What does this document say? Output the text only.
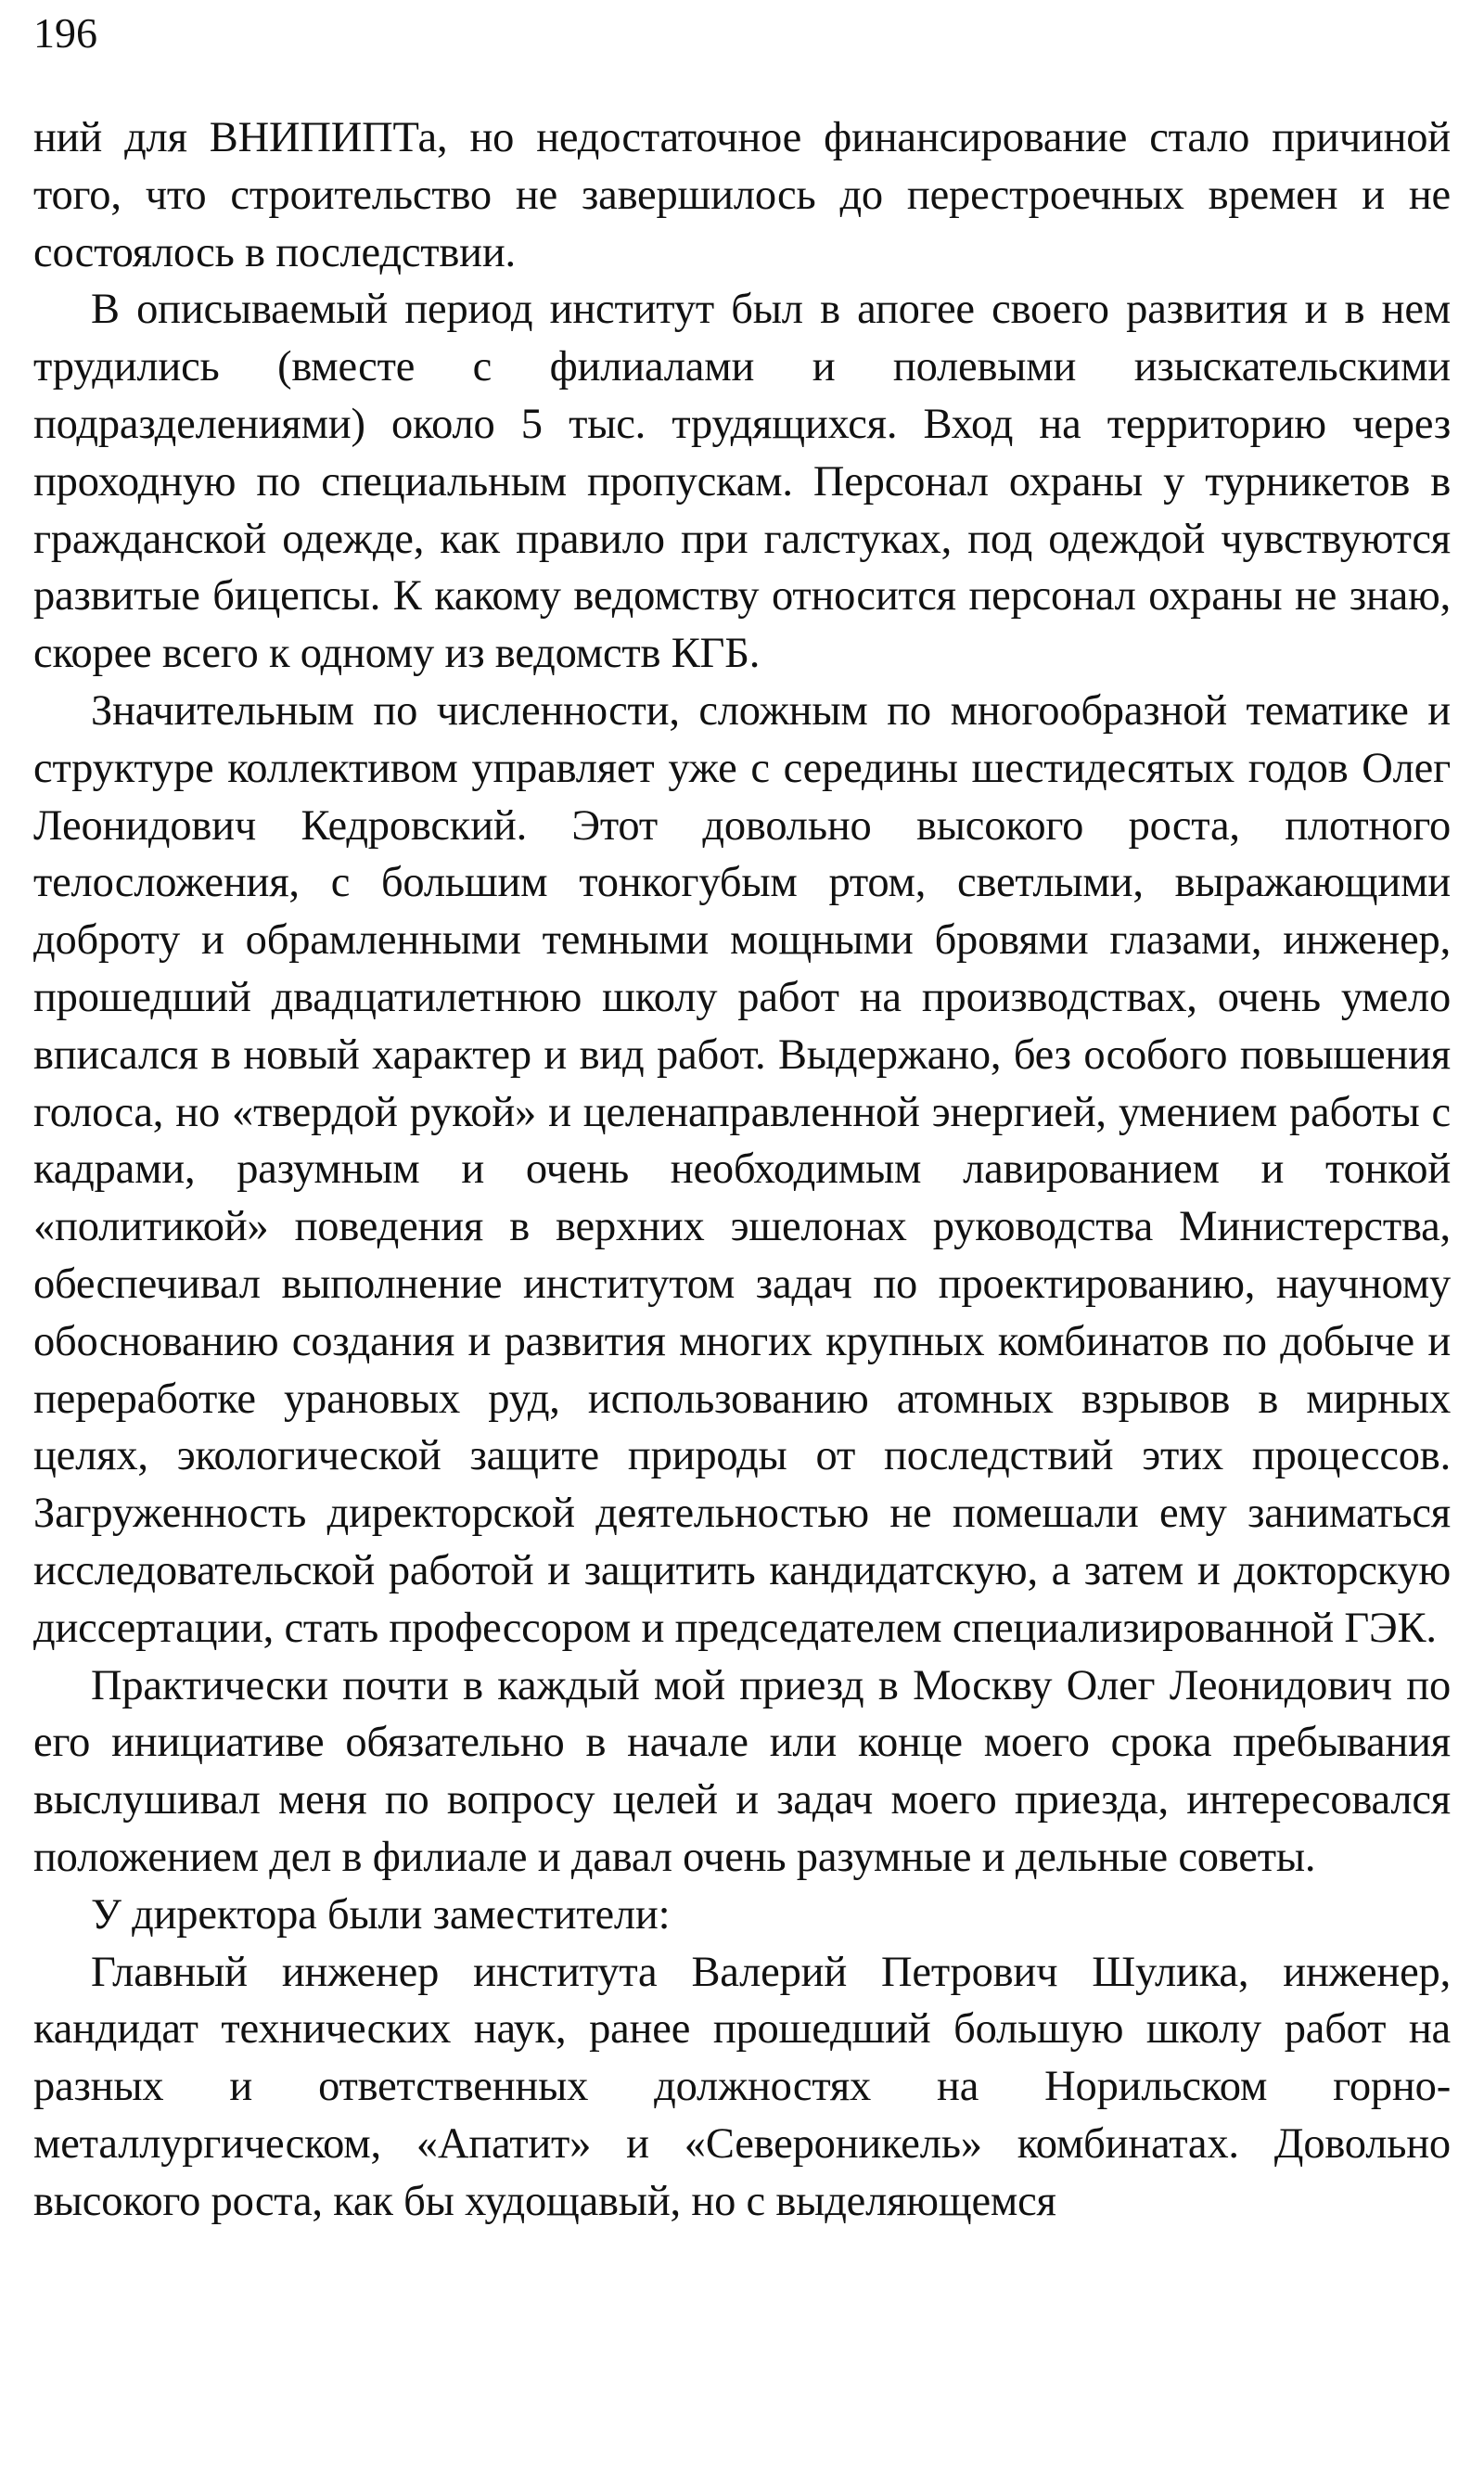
196

ний для ВНИПИПТа, но недостаточное финансирование стало причиной того, что строительство не завершилось до перестроечных времен и не состоялось в последствии.

В описываемый период институт был в апогее своего развития и в нем трудились (вместе с филиалами и полевыми изыскательскими подразделениями) около 5 тыс. трудящихся. Вход на территорию через проходную по специальным пропускам. Персонал охраны у турникетов в гражданской одежде, как правило при галстуках, под одеждой чувствуются развитые бицепсы. К какому ведомству относится персонал охраны не знаю, скорее всего к одному из ведомств КГБ.

Значительным по численности, сложным по многообразной тематике и структуре коллективом управляет уже с середины шестидесятых годов Олег Леонидович Кедровский. Этот довольно высокого роста, плотного телосложения, с большим тонкогубым ртом, светлыми, выражающими доброту и обрамленными темными мощными бровями глазами, инженер, прошедший двадцатилетнюю школу работ на производствах, очень умело вписался в новый характер и вид работ. Выдержано, без особого повышения голоса, но «твердой рукой» и целенаправленной энергией, умением работы с кадрами, разумным и очень необходимым лавированием и тонкой «политикой» поведения в верхних эшелонах руководства Министерства, обеспечивал выполнение институтом задач по проектированию, научному обоснованию создания и развития многих крупных комбинатов по добыче и переработке урановых руд, использованию атомных взрывов в мирных целях, экологической защите природы от последствий этих процессов. Загруженность директорской деятельностью не помешали ему заниматься исследовательской работой и защитить кандидатскую, а затем и докторскую диссертации, стать профессором и председателем специализированной ГЭК.

Практически почти в каждый мой приезд в Москву Олег Леонидович по его инициативе обязательно в начале или конце моего срока пребывания выслушивал меня по вопросу целей и задач моего приезда, интересовался положением дел в филиале и давал очень разумные и дельные советы.

У директора были заместители:

Главный инженер института Валерий Петрович Шулика, инженер, кандидат технических наук, ранее прошедший большую школу работ на разных и ответственных должностях на Норильском горно-металлургическом, «Апатит» и «Североникель» комбинатах. Довольно высокого роста, как бы худощавый, но с выделяющемся
